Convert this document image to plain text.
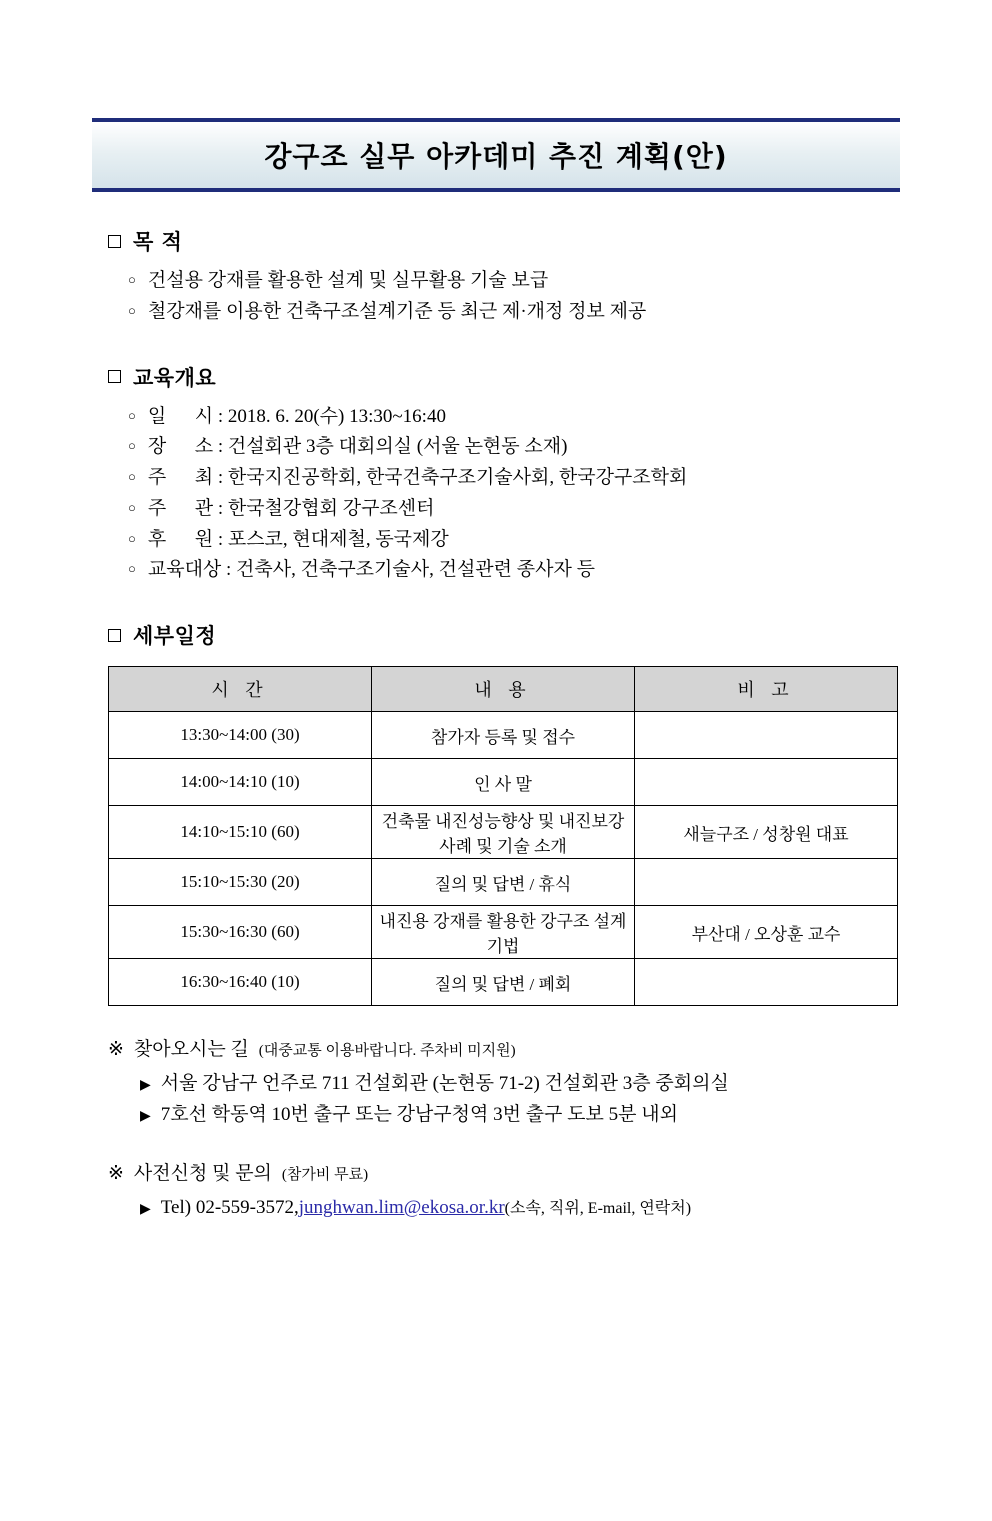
강구조 실무 아카데미 추진 계획(안)
목 적
○ 건설용 강재를 활용한 설계 및 실무활용 기술 보급
○ 철강재를 이용한 건축구조설계기준 등 최근 제·개정 정보 제공
교육개요
○ 일      시 : 2018. 6. 20(수) 13:30~16:40
○ 장      소 : 건설회관 3층 대회의실 (서울 논현동 소재)
○ 주      최 : 한국지진공학회, 한국건축구조기술사회, 한국강구조학회
○ 주      관 : 한국철강협회 강구조센터
○ 후      원 : 포스코, 현대제철, 동국제강
○ 교육대상 : 건축사, 건축구조기술사, 건설관련 종사자 등
세부일정
시 간	내 용	비 고
13:30~14:00 (30)	참가자 등록 및 접수	
14:00~14:10 (10)	인 사 말	
14:10~15:10 (60)	건축물 내진성능향상 및 내진보강 사례 및 기술 소개	새늘구조 / 성창원 대표
15:10~15:30 (20)	질의 및 답변 / 휴식	
15:30~16:30 (60)	내진용 강재를 활용한 강구조 설계 기법	부산대 / 오상훈 교수
16:30~16:40 (10)	질의 및 답변 / 폐회	
※ 찾아오시는 길 (대중교통 이용바랍니다. 주차비 미지원)
▶ 서울 강남구 언주로 711 건설회관 (논현동 71-2) 건설회관 3층 중회의실
▶ 7호선 학동역 10번 출구 또는 강남구청역 3번 출구 도보 5분 내외
※ 사전신청 및 문의 (참가비 무료)
▶ Tel) 02-559-3572, junghwan.lim@ekosa.or.kr (소속, 직위, E-mail, 연락처)
